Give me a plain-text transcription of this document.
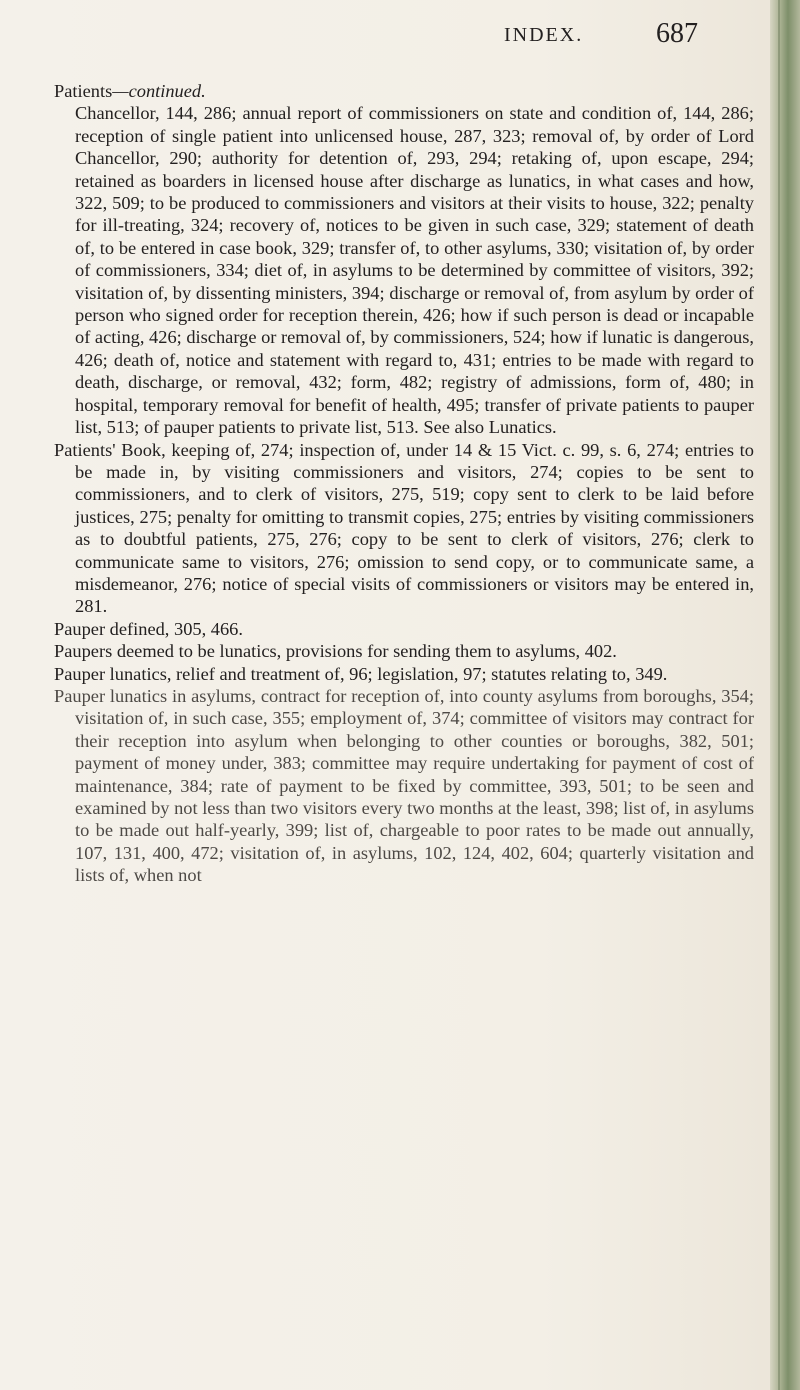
INDEX.	687

Patients—continued.

Chancellor, 144, 286; annual report of commissioners on state and condition of, 144, 286; reception of single patient into unlicensed house, 287, 323; removal of, by order of Lord Chancellor, 290; authority for detention of, 293, 294; retaking of, upon escape, 294; retained as boarders in licensed house after discharge as lunatics, in what cases and how, 322, 509; to be produced to commissioners and visitors at their visits to house, 322; penalty for ill-treating, 324; recovery of, notices to be given in such case, 329; statement of death of, to be entered in case book, 329; transfer of, to other asylums, 330; visitation of, by order of commissioners, 334; diet of, in asylums to be determined by committee of visitors, 392; visitation of, by dissenting ministers, 394; discharge or removal of, from asylum by order of person who signed order for reception therein, 426; how if such person is dead or incapable of acting, 426; discharge or removal of, by commissioners, 524; how if lunatic is dangerous, 426; death of, notice and statement with regard to, 431; entries to be made with regard to death, discharge, or removal, 432; form, 482; registry of admissions, form of, 480; in hospital, temporary removal for benefit of health, 495; transfer of private patients to pauper list, 513; of pauper patients to private list, 513. See also Lunatics.

Patients' Book, keeping of, 274; inspection of, under 14 & 15 Vict. c. 99, s. 6, 274; entries to be made in, by visiting commissioners and visitors, 274; copies to be sent to commissioners, and to clerk of visitors, 275, 519; copy sent to clerk to be laid before justices, 275; penalty for omitting to transmit copies, 275; entries by visiting commissioners as to doubtful patients, 275, 276; copy to be sent to clerk of visitors, 276; clerk to communicate same to visitors, 276; omission to send copy, or to communicate same, a misdemeanor, 276; notice of special visits of commissioners or visitors may be entered in, 281.

Pauper defined, 305, 466.

Paupers deemed to be lunatics, provisions for sending them to asylums, 402.

Pauper lunatics, relief and treatment of, 96; legislation, 97; statutes relating to, 349.

Pauper lunatics in asylums, contract for reception of, into county asylums from boroughs, 354; visitation of, in such case, 355; employment of, 374; committee of visitors may contract for their reception into asylum when belonging to other counties or boroughs, 382, 501; payment of money under, 383; committee may require undertaking for payment of cost of maintenance, 384; rate of payment to be fixed by committee, 393, 501; to be seen and examined by not less than two visitors every two months at the least, 398; list of, in asylums to be made out half-yearly, 399; list of, chargeable to poor rates to be made out annually, 107, 131, 400, 472; visitation of, in asylums, 102, 124, 402, 604; quarterly visitation and lists of, when not
